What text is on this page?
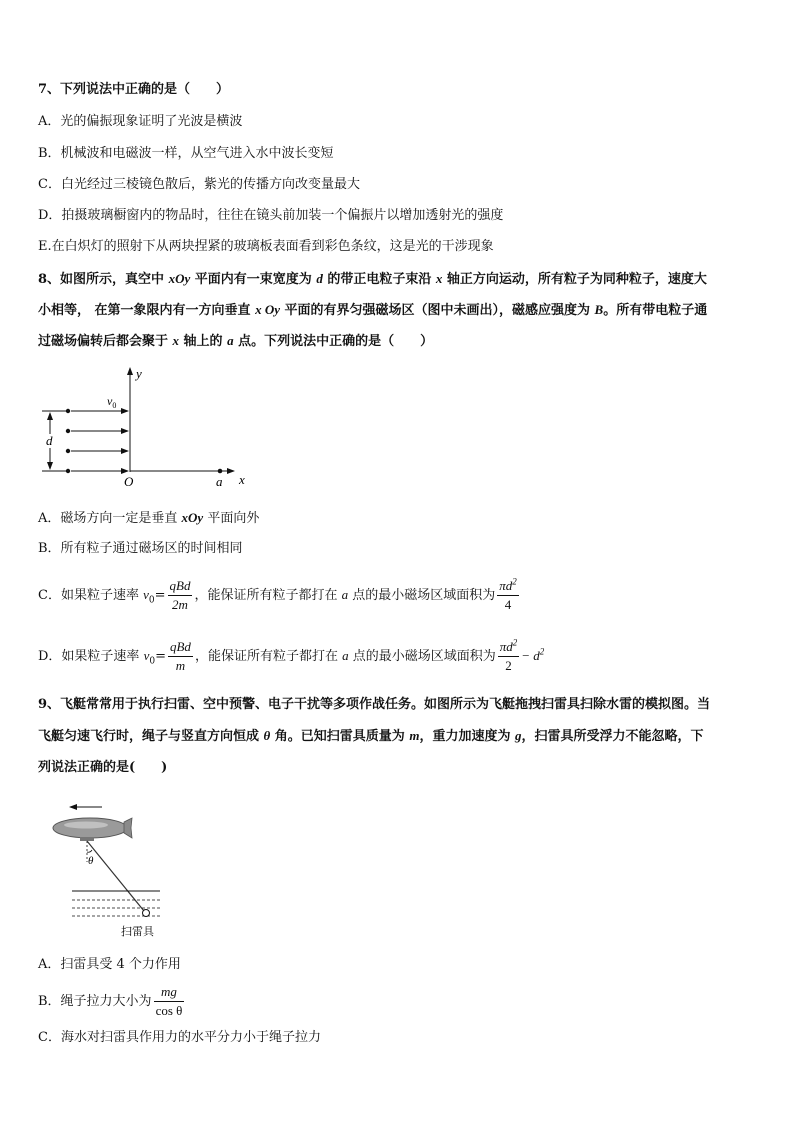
7、下列说法中正确的是（　　）
A．光的偏振现象证明了光波是横波
B．机械波和电磁波一样，从空气进入水中波长变短
C．白光经过三棱镜色散后，紫光的传播方向改变量最大
D．拍摄玻璃橱窗内的物品时，往往在镜头前加装一个偏振片以增加透射光的强度
E.在白炽灯的照射下从两块捏紧的玻璃板表面看到彩色条纹，这是光的干涉现象
8、如图所示，真空中 xOy 平面内有一束宽度为 d 的带正电粒子束沿 x 轴正方向运动，所有粒子为同种粒子，速度大
小相等， 在第一象限内有一方向垂直 x Oy 平面的有界匀强磁场区（图中未画出），磁感应强度为 B。所有带电粒子通
过磁场偏转后都会聚于 x 轴上的 a 点。下列说法中正确的是（　　）
y
x
O	a
$v_0$
d
A．磁场方向一定是垂直 xOy 平面向外
B．所有粒子通过磁场区的时间相同
C．如果粒子速率 $v_0= \frac{\text{qBd}}{2m}$ ，能保证所有粒子都打在 a 点的最小磁场区域面积为 $\frac{\pi d^2}{4}$
D．如果粒子速率 $v_0= \frac{\text{qBd}}{m}$ ，能保证所有粒子都打在 a 点的最小磁场区域面积为 $\frac{\pi d^2}{2} - d^2$
9、飞艇常常用于执行扫雷、空中预警、电子干扰等多项作战任务。如图所示为飞艇拖拽扫雷具扫除水雷的模拟图。当
飞艇匀速飞行时，绳子与竖直方向恒成 θ 角。已知扫雷具质量为 m，重力加速度为 g，扫雷具所受浮力不能忽略，下
列说法正确的是(　　)
θ
扫雷具
A．扫雷具受 4 个力作用
B．绳子拉力大小为 $\frac{mg}{\text{cos θ}}$
C．海水对扫雷具作用力的水平分力小于绳子拉力
